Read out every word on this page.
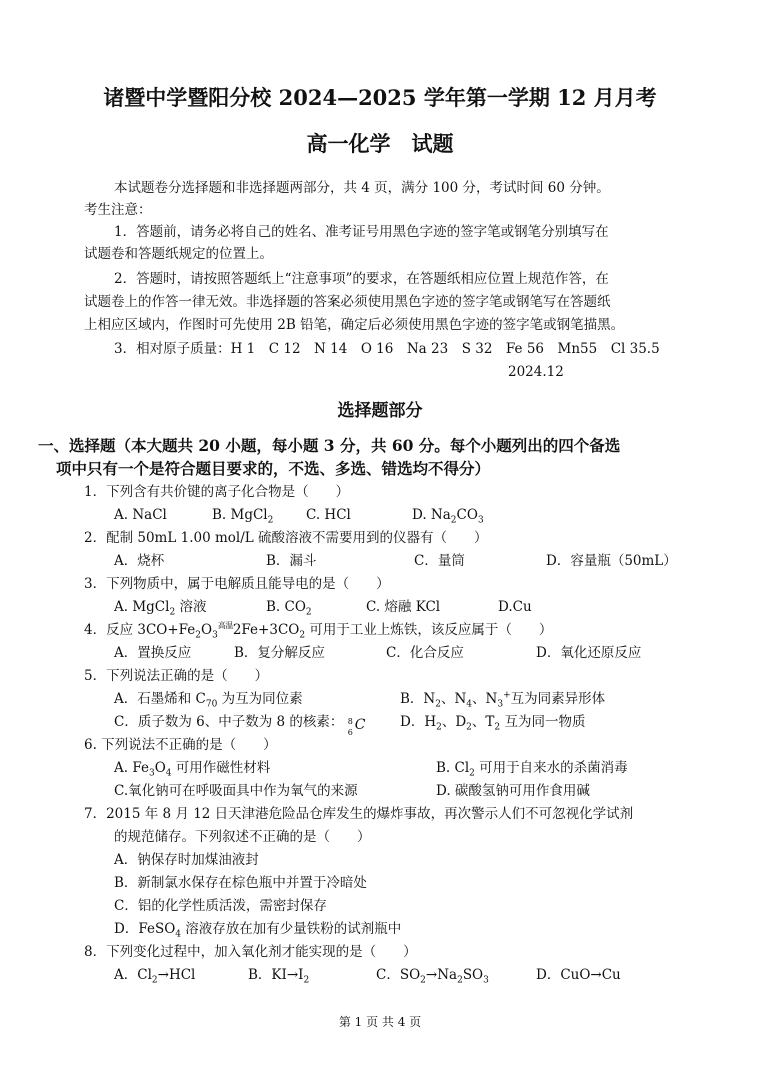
诸暨中学暨阳分校 2024—2025 学年第一学期 12 月月考
高一化学　试题
本试题卷分选择题和非选择题两部分，共 4 页，满分 100 分，考试时间 60 分钟。
考生注意：
1．答题前，请务必将自己的姓名、准考证号用黑色字迹的签字笔或钢笔分别填写在
试题卷和答题纸规定的位置上。
2．答题时，请按照答题纸上“注意事项”的要求，在答题纸相应位置上规范作答，在
试题卷上的作答一律无效。非选择题的答案必须使用黑色字迹的签字笔或钢笔写在答题纸
上相应区域内，作图时可先使用 2B 铅笔，确定后必须使用黑色字迹的签字笔或钢笔描黑。
3．相对原子质量：H 1　C 12　N 14　O 16　Na 23　S 32　Fe 56　Mn55　Cl 35.5
2024.12
选择题部分
一、选择题（本大题共 20 小题，每小题 3 分，共 60 分。每个小题列出的四个备选
项中只有一个是符合题目要求的，不选、多选、错选均不得分）
1．下列含有共价键的离子化合物是（　　）
A. NaCl	B. MgCl$_2$ C. HCl	D. $Na_2CO_3$
2．配制 50mL 1.00 mol/L 硫酸溶液不需要用到的仪器有（　　）
A．烧杯	B．漏斗	C．量筒	D．容量瓶（50mL）
3．下列物质中，属于电解质且能导电的是（　　）
A. MgCl$_2$ 溶液	B. $CO_2$	C. 熔融 KCl	D.Cu
4．反应 $3CO+Fe_2O_3^{高温}2Fe+3CO_2$ 可用于工业上炼铁，该反应属于（　　）
A．置换反应	B．复分解反应	C．化合反应	D．氧化还原反应
5．下列说法正确的是（　　）
A．石墨烯和 $C_{70}$ 为互为同位素	B．$N_2$、$N_4$、$N_3^+$互为同素异形体
C．质子数为 6、中子数为 8 的核素： 8
6 C	D．$H_2$、$D_2$、$T_2$ 互为同一物质
6. 下列说法不正确的是（　　）
A. $Fe_3O_4$ 可用作磁性材料	B. $Cl_2$ 可用于自来水的杀菌消毒
C.氧化钠可在呼吸面具中作为氧气的来源	D. 碳酸氢钠可用作食用碱
7．2015 年 8 月 12 日天津港危险品仓库发生的爆炸事故，再次警示人们不可忽视化学试剂
的规范储存。下列叙述不正确的是（　　）
A．钠保存时加煤油液封
B．新制氯水保存在棕色瓶中并置于冷暗处
C．铝的化学性质活泼，需密封保存
D．FeSO$_4$ 溶液存放在加有少量铁粉的试剂瓶中
8．下列变化过程中，加入氧化剂才能实现的是（　　）
A．$Cl_2\to HCl$	B．$KI\to I_2$	C．$SO_2\to Na_2SO_3$	D．CuO→Cu
第 1 页 共 4 页
